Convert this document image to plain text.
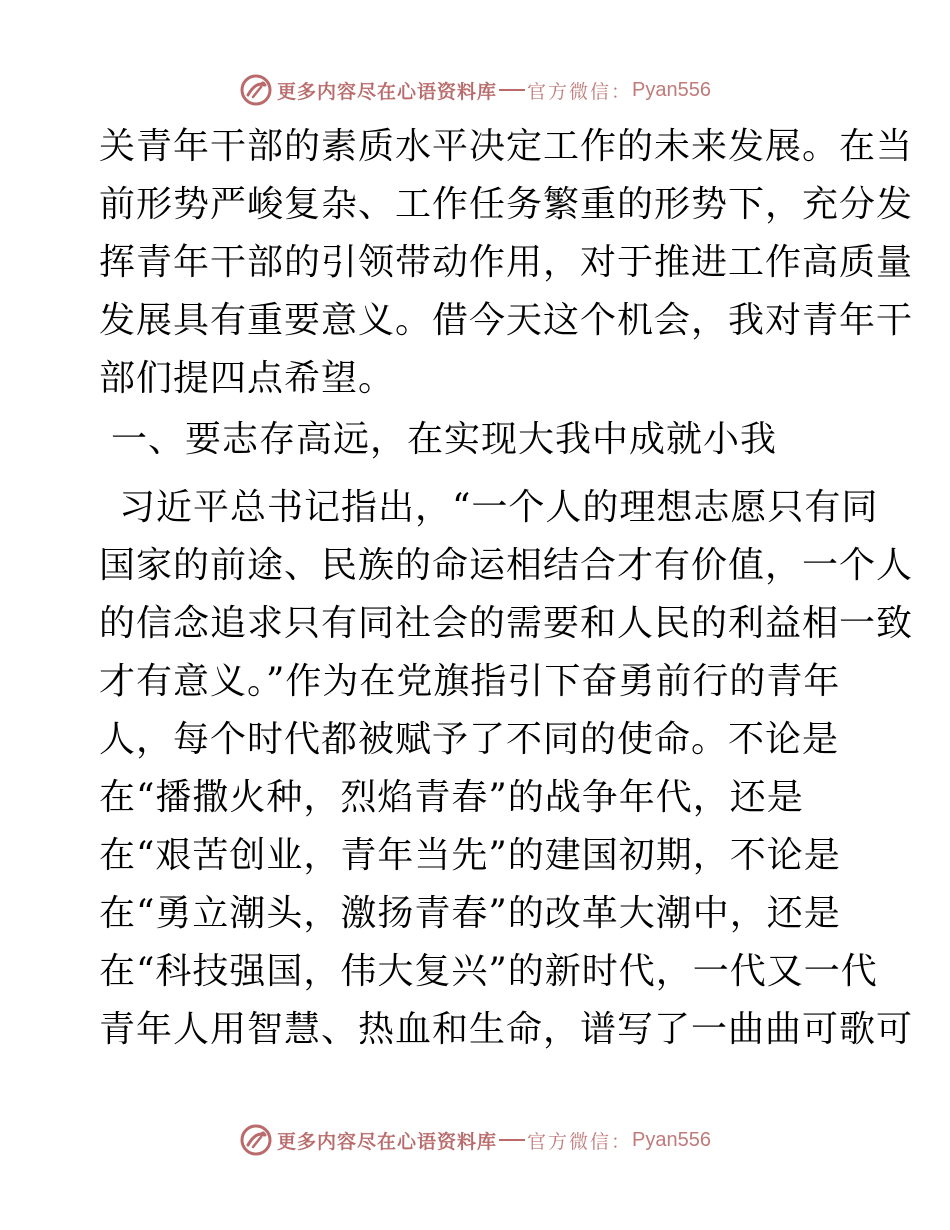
更多内容尽在心语资料库 官方微信： Pyan556
关青年干部的素质水平决定工作的未来发展。在当
前形势严峻复杂、工作任务繁重的形势下，充分发
挥青年干部的引领带动作用，对于推进工作高质量
发展具有重要意义。借今天这个机会，我对青年干
部们提四点希望。
一、要志存高远，在实现大我中成就小我
习近平总书记指出，“一个人的理想志愿只有同
国家的前途、民族的命运相结合才有价值，一个人
的信念追求只有同社会的需要和人民的利益相一致
才有意义。”作为在党旗指引下奋勇前行的青年
人，每个时代都被赋予了不同的使命。不论是
在“播撒火种，烈焰青春”的战争年代，还是
在“艰苦创业，青年当先”的建国初期，不论是
在“勇立潮头，激扬青春”的改革大潮中，还是
在“科技强国，伟大复兴”的新时代，一代又一代
青年人用智慧、热血和生命，谱写了一曲曲可歌可
更多内容尽在心语资料库 官方微信： Pyan556
